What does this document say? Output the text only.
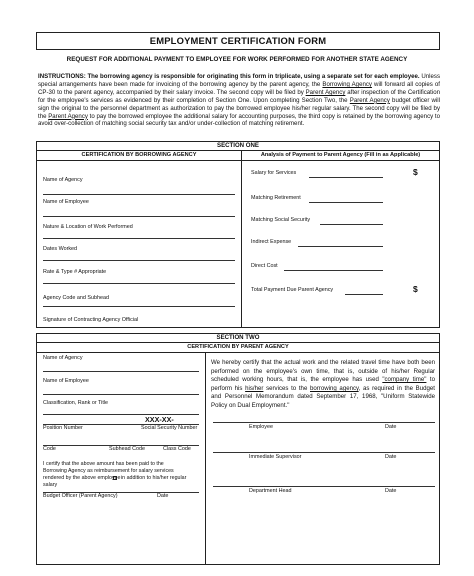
EMPLOYMENT CERTIFICATION FORM
REQUEST FOR ADDITIONAL PAYMENT TO EMPLOYEE FOR WORK PERFORMED FOR ANOTHER STATE AGENCY
INSTRUCTIONS: The borrowing agency is responsible for originating this form in triplicate, using a separate set for each employee. Unless special arrangements have been made for invoicing of the borrowing agency by the parent agency, the Borrowing Agency will forward all copies of CP-30 to the parent agency, accompanied by their salary invoice. The second copy will be filed by Parent Agency after inspection of the Certification for the employee's services as evidenced by their completion of Section One. Upon completing Section Two, the Parent Agency budget officer will sign the original to the personnel department as authorization to pay the borrowed employee his/her regular salary. The second copy will be filed by the Parent Agency to pay the borrowed employee the additional salary for accounting purposes, the third copy is retained by the borrowing agency to avoid over-collection of matching social security tax and/or under-collection of matching retirement.
SECTION ONE
CERTIFICATION BY BORROWING AGENCY	Analysis of Payment to Parent Agency (Fill in as Applicable)
Name of Agency
Name of Employee
Nature & Location of Work Performed
Dates Worked
Rate & Type # Appropriate
Agency Code and Subhead
Signature of Contracting Agency Official
Salary for Services	$
Matching Retirement
Matching Social Security
Indirect Expense
Direct Cost
Total Payment Due Parent Agency	$
SECTION TWO
CERTIFICATION BY PARENT AGENCY
Name of Agency
Name of Employee
Classification, Rank or Title
XXX-XX-
Position Number	Social Security Number
Code	Subhead Code	Class Code
I certify that the above amount has been paid to the
Borrowing Agency as reimbursement for salary services
rendered by the above employee in addition to his/her regular
salary
Budget Officer (Parent Agency)	Date
We hereby certify that the actual work and the related travel time have both been performed on the employee's own time, that is, outside of his/her Regular scheduled working hours, that is, the employee has used "company time" to perform his his/her services to the borrowing agency, as required in the Budget and Personnel Memorandum dated September 17, 1968, "Uniform Statewide Policy on Dual Employment."
Employee	Date
Immediate Supervisor	Date
Department Head	Date
